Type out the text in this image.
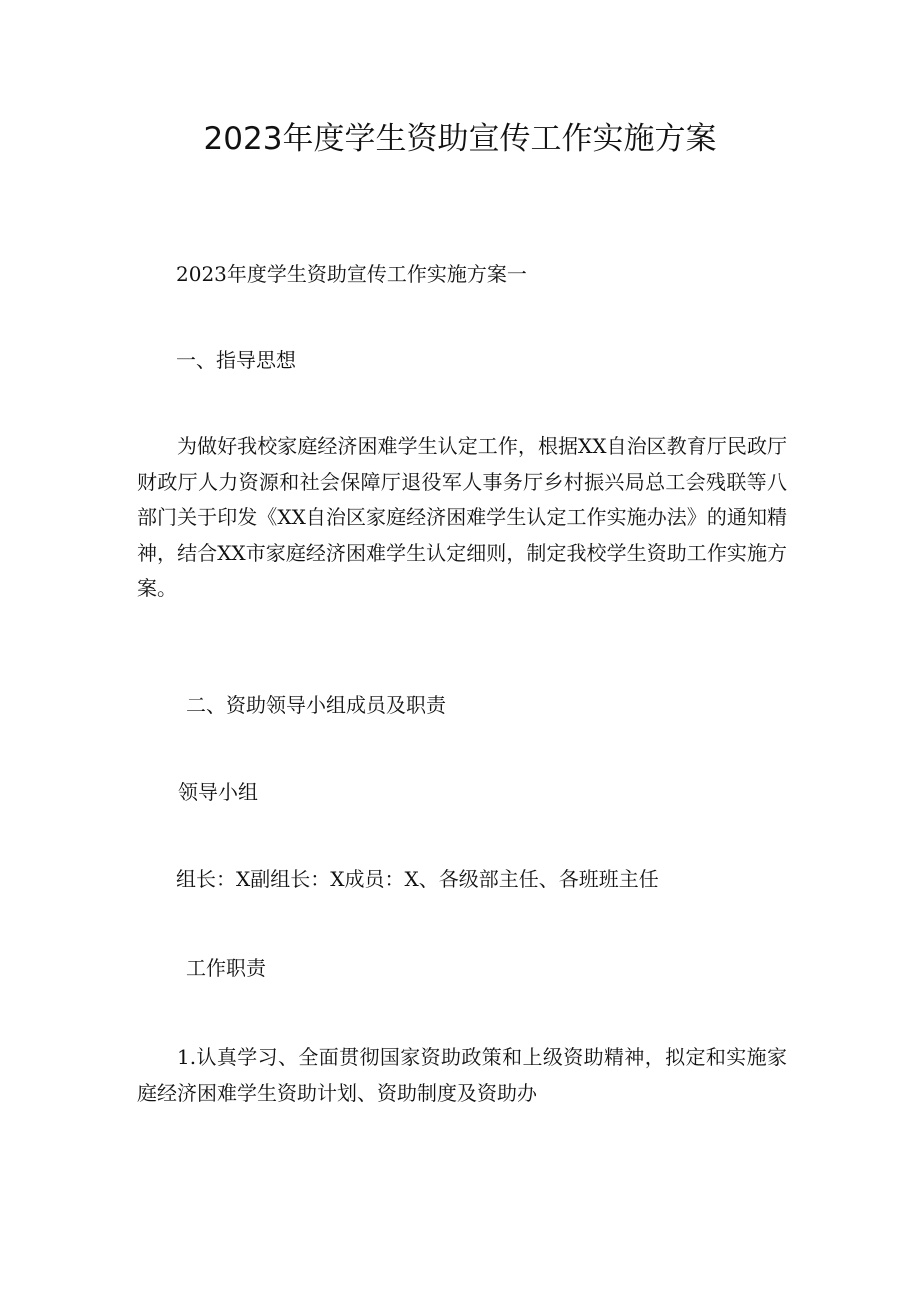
2023年度学生资助宣传工作实施方案

2023年度学生资助宣传工作实施方案一

一、指导思想

为做好我校家庭经济困难学生认定工作，根据XX自治区教育厅民政厅财政厅人力资源和社会保障厅退役军人事务厅乡村振兴局总工会残联等八部门关于印发《XX自治区家庭经济困难学生认定工作实施办法》的通知精神，结合XX市家庭经济困难学生认定细则，制定我校学生资助工作实施方案。

二、资助领导小组成员及职责

领导小组

组长：X副组长：X成员：X、各级部主任、各班班主任

工作职责

1.认真学习、全面贯彻国家资助政策和上级资助精神，拟定和实施家庭经济困难学生资助计划、资助制度及资助办
